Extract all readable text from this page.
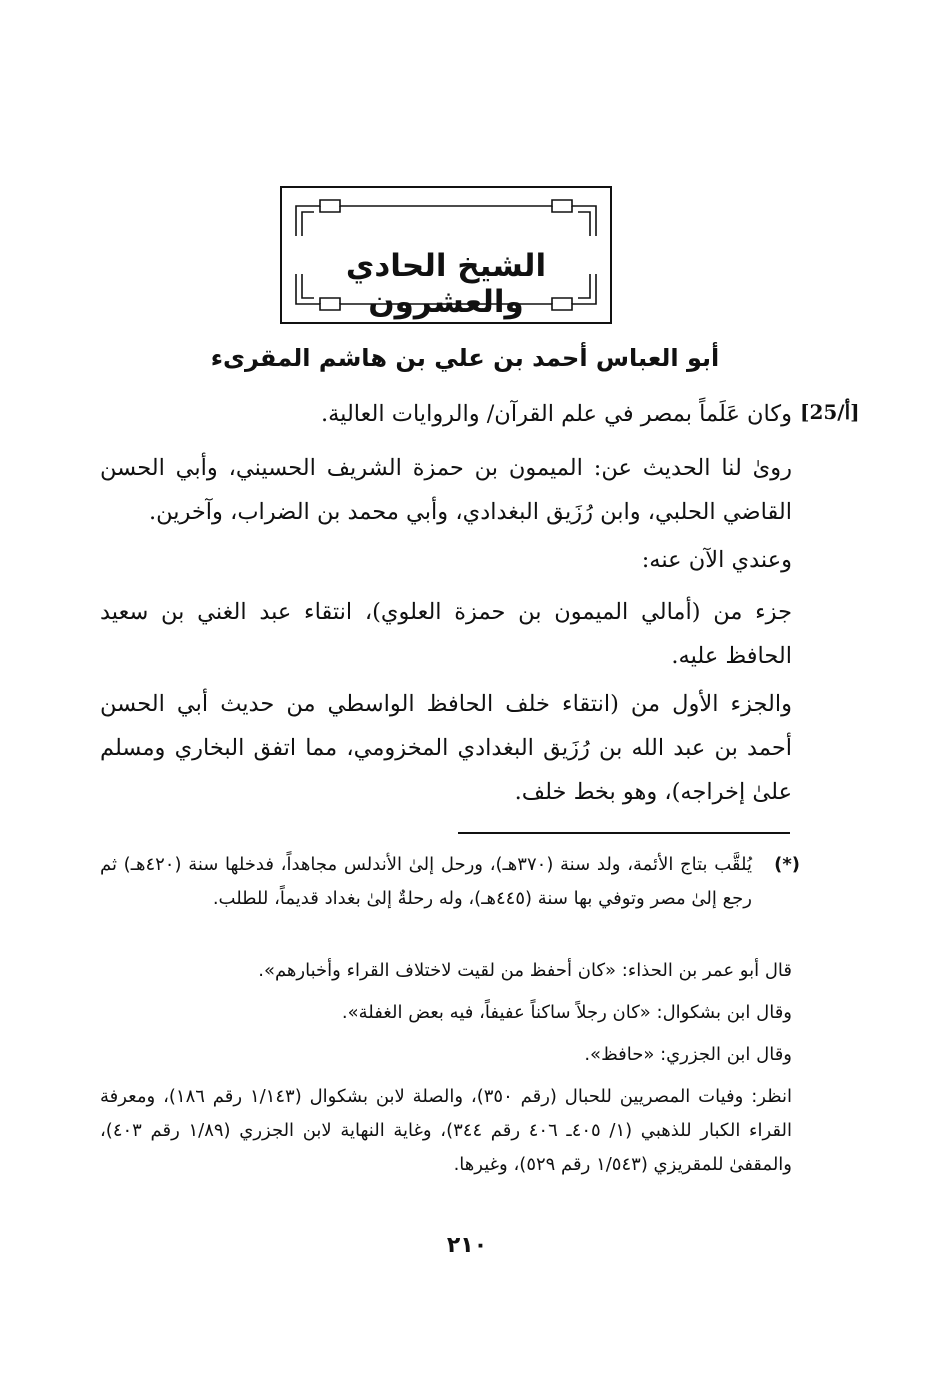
الشيخ الحادي والعشرون
أبو العباس أحمد بن علي بن هاشم المقرىء
[25/أ]
وكان عَلَماً بمصر في علم القرآن/ والروايات العالية.
روىٰ لنا الحديث عن: الميمون بن حمزة الشريف الحسيني، وأبي الحسن القاضي الحلبي، وابن رُزَيق البغدادي، وأبي محمد بن الضراب، وآخرين.
وعندي الآن عنه:
جزء من (أمالي الميمون بن حمزة العلوي)، انتقاء عبد الغني بن سعيد الحافظ عليه.
والجزء الأول من (انتقاء خلف الحافظ الواسطي من حديث أبي الحسن أحمد بن عبد الله بن رُزَيق البغدادي المخزومي، مما اتفق البخاري ومسلم علىٰ إخراجه)، وهو بخط خلف.
(*)
يُلقَّب بتاج الأئمة، ولد سنة (٣٧٠هـ)، ورحل إلىٰ الأندلس مجاهداً، فدخلها سنة (٤٢٠هـ) ثم رجع إلىٰ مصر وتوفي بها سنة (٤٤٥هـ)، وله رحلةٌ إلىٰ بغداد قديماً، للطلب.
قال أبو عمر بن الحذاء: «كان أحفظ من لقيت لاختلاف القراء وأخبارهم».
وقال ابن بشكوال: «كان رجلاً ساكناً عفيفاً، فيه بعض الغفلة».
وقال ابن الجزري: «حافظ».
انظر: وفيات المصريين للحبال (رقم ٣٥٠)، والصلة لابن بشكوال (١/١٤٣ رقم ١٨٦)، ومعرفة القراء الكبار للذهبي (١/ ٤٠٥ـ ٤٠٦ رقم ٣٤٤)، وغاية النهاية لابن الجزري (١/٨٩ رقم ٤٠٣)، والمقفىٰ للمقريزي (١/٥٤٣ رقم ٥٢٩)، وغيرها.
٢١٠
